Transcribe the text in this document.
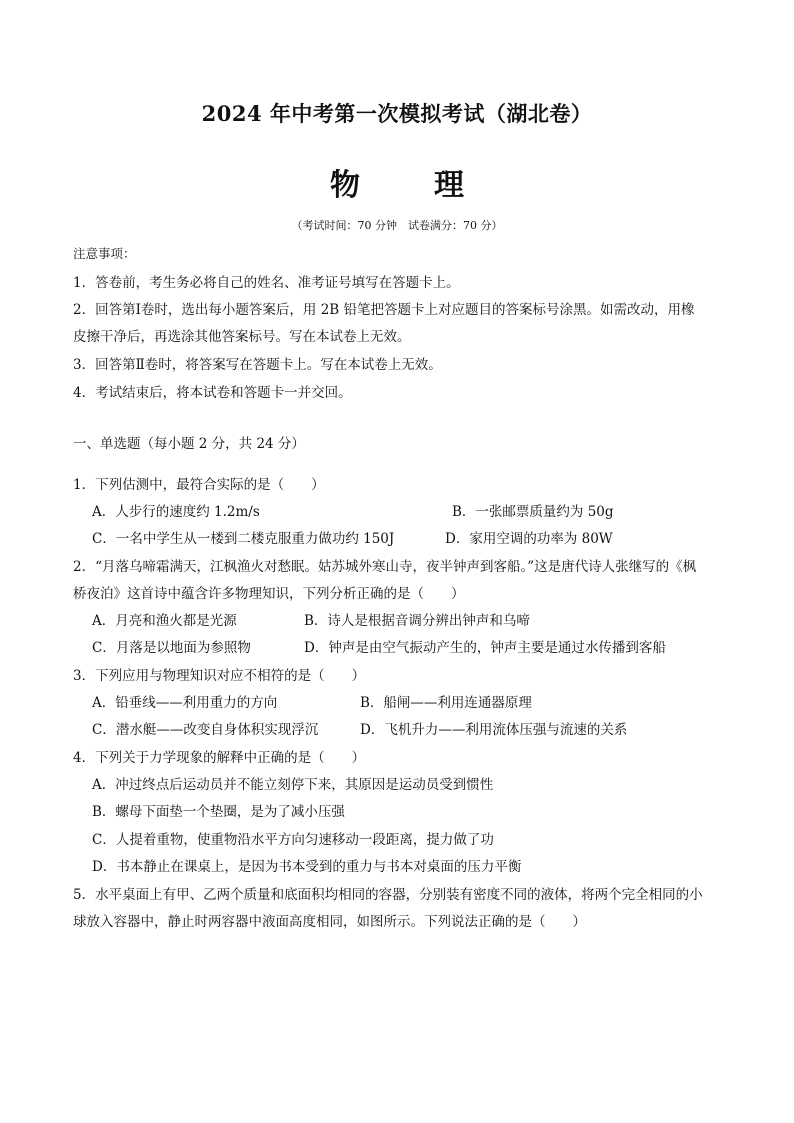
2024 年中考第一次模拟考试（湖北卷）
物　理
（考试时间：70 分钟　试卷满分：70 分）
注意事项：
1．答卷前，考生务必将自己的姓名、准考证号填写在答题卡上。
2．回答第Ⅰ卷时，选出每小题答案后，用 2B 铅笔把答题卡上对应题目的答案标号涂黑。如需改动，用橡
皮擦干净后，再选涂其他答案标号。写在本试卷上无效。
3．回答第Ⅱ卷时，将答案写在答题卡上。写在本试卷上无效。
4．考试结束后，将本试卷和答题卡一并交回。
一、单选题（每小题 2 分，共 24 分）
1．下列估测中，最符合实际的是（　　）
A．人步行的速度约 1.2m/s	B．一张邮票质量约为 50g
C．一名中学生从一楼到二楼克服重力做功约 150J	D．家用空调的功率为 80W
2．“月落乌啼霜满天，江枫渔火对愁眠。姑苏城外寒山寺，夜半钟声到客船。”这是唐代诗人张继写的《枫
桥夜泊》这首诗中蕴含许多物理知识，下列分析正确的是（　　）
A．月亮和渔火都是光源	B．诗人是根据音调分辨出钟声和乌啼
C．月落是以地面为参照物	D．钟声是由空气振动产生的，钟声主要是通过水传播到客船
3．下列应用与物理知识对应不相符的是（　　）
A．铅垂线——利用重力的方向	B．船闸——利用连通器原理
C．潜水艇——改变自身体积实现浮沉	D．飞机升力——利用流体压强与流速的关系
4．下列关于力学现象的解释中正确的是（　　）
A．冲过终点后运动员并不能立刻停下来，其原因是运动员受到惯性
B．螺母下面垫一个垫圈，是为了减小压强
C．人提着重物，使重物沿水平方向匀速移动一段距离，提力做了功
D．书本静止在课桌上，是因为书本受到的重力与书本对桌面的压力平衡
5．水平桌面上有甲、乙两个质量和底面积均相同的容器，分别装有密度不同的液体，将两个完全相同的小
球放入容器中，静止时两容器中液面高度相同，如图所示。下列说法正确的是（　　）
